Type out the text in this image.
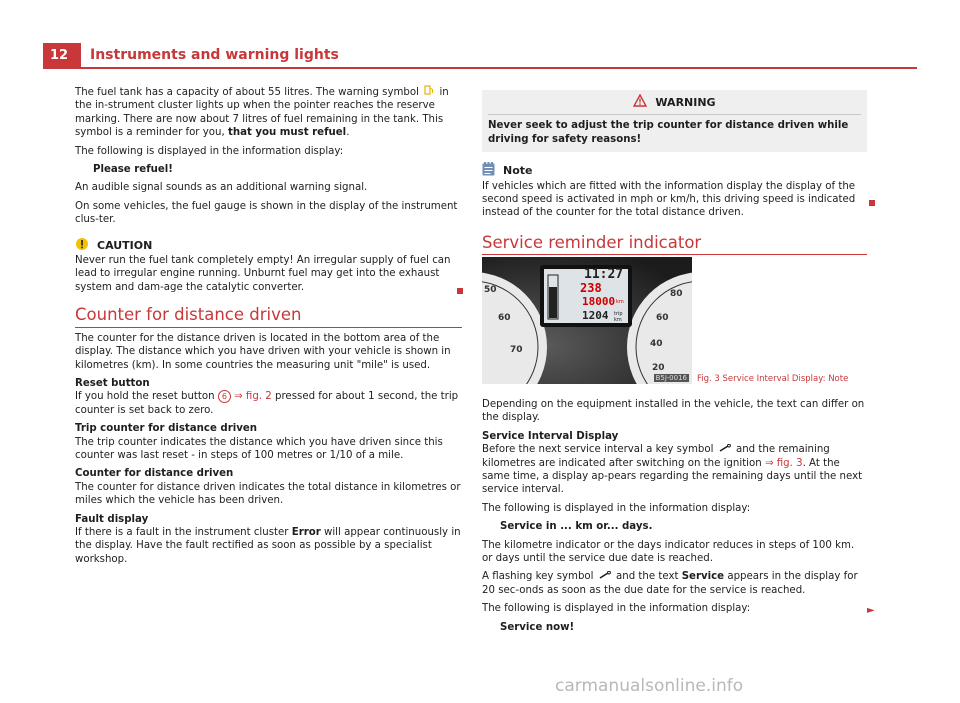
12 Instruments and warning lights

The fuel tank has a capacity of about 55 litres. The warning symbol in the in-strument cluster lights up when the pointer reaches the reserve marking. There are now about 7 litres of fuel remaining in the tank. This symbol is a reminder for you, that you must refuel.

The following is displayed in the information display:

Please refuel!

An audible signal sounds as an additional warning signal.

On some vehicles, the fuel gauge is shown in the display of the instrument clus-ter.

CAUTION

Never run the fuel tank completely empty! An irregular supply of fuel can lead to irregular engine running. Unburnt fuel may get into the exhaust system and dam-age the catalytic converter.

Counter for distance driven

The counter for the distance driven is located in the bottom area of the display. The distance which you have driven with your vehicle is shown in kilometres (km). In some countries the measuring unit "mile" is used.

Reset button

If you hold the reset button 6 ⇒ fig. 2 pressed for about 1 second, the trip counter is set back to zero.

Trip counter for distance driven

The trip counter indicates the distance which you have driven since this counter was last reset - in steps of 100 metres or 1/10 of a mile.

Counter for distance driven

The counter for distance driven indicates the total distance in kilometres or miles which the vehicle has been driven.

Fault display

If there is a fault in the instrument cluster Error will appear continuously in the display. Have the fault rectified as soon as possible by a specialist workshop.

WARNING
Never seek to adjust the trip counter for distance driven while driving for safety reasons!
Note

If vehicles which are fitted with the information display the display of the second speed is activated in mph or km/h, this driving speed is indicated instead of the counter for the total distance driven.

Service reminder indicator
11:27
238
18000 km
1204 trip km
50
60
70
20
40
60
80
B5J-0016 Fig. 3 Service Interval Display: Note

Depending on the equipment installed in the vehicle, the text can differ on the display.

Service Interval Display

Before the next service interval a key symbol and the remaining kilometres are indicated after switching on the ignition ⇒ fig. 3. At the same time, a display ap-pears regarding the remaining days until the next service interval.

The following is displayed in the information display:

Service in ... km or... days.

The kilometre indicator or the days indicator reduces in steps of 100 km. or days until the service due date is reached.

A flashing key symbol and the text Service appears in the display for 20 sec-onds as soon as the due date for the service is reached.

The following is displayed in the information display:

Service now!

►
carmanualsonline.info
